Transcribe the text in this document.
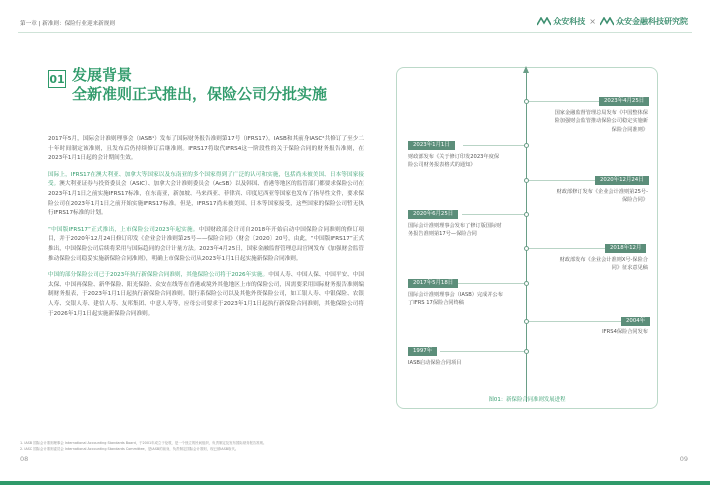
第一章 | 新准则：保险行业迎来新规则	众安科技 ×	众安金融科技研究院
01 发展背景
全新准则正式推出，保险公司分批实施

2017年5月，国际会计准则理事会（IASB¹）发布了国际财务报告准则第17号（IFRS17）。IASB和其前身IASC²共修订了至少二十年时间制定该准则，且发布后仍持续修订后继准则。IFRS17将取代IFRS4这一阶段性的关于保险合同的财务报告准则，在2023年1月1日起的会计期间生效。

国际上，IFRS17在澳大利亚、加拿大等国家以及东南亚的多个国家得到了广泛的认可和实施，包括尚未被美国、日本等国家接受。澳大利亚证券与投资委员会（ASIC）、加拿大会计准则委员会（AcSB）以及韩国、香港等地区的监管部门都要求保险公司在2023年1月1日之前实施IFRS17标准，在东南亚，新加坡、马来西亚、菲律宾、印度尼西亚等国家也发布了指导性文件，要求保险公司在2023年1月1日之前开始实施IFRS17标准。但是，IFRS17尚未被美国、日本等国家接受，这些国家的保险公司暂无执行IFRS17标准的计划。

“中国版IFRS17”正式推出，上市保险公司2023年起实施。中国财政部会计司自2018年开始启动中国保险合同准则的修订项目，并于2020年12月24日修订印发《企业会计准则第25号——保险合同》（财会〔2020〕20号，由此，“中国版IFRS17”正式推出，中国保险公司后续将采用与国际趋同的会计计量方法。2023年4月25日，国家金融监督管理总局官网发布《加强财会监管推动保险公司稳妥实施新保险合同准则》，明确上市保险公司从2023年1月1日起实施新保险合同准则。

中国的部分保险公司已于2023年执行新保险合同准则，其他保险公司将于2026年实施。中国人寿、中国人保、中国平安、中国太保、中国再保险、新华保险、阳光保险、众安在线等在香港或境外其他地区上市的保险公司，因需要采用国际财务报告准则编制财务报表，于2023年1月1日起执行新保险合同准则。银行系保险公司以及其他外资保险公司，如工银人寿、中银保险、农银人寿、交银人寿、建信人寿、友邦集团、中意人寿等，应母公司要求于2023年1月1日起执行新保险合同准则，其他保险公司将于2026年1月1日起实施新保险合同准则。

2023年4月25日
国家金融监督管理总局发布《中国整体保险加强财会监管推动保险公司稳定实施新保险合同准则》
2023年1月1日
财政部发布《关于修订印发2023年度保险公司财务报表格式的通知》
2020年12月24日
财政部修订发布《企业会计准则第25号-保险合同》
2020年6月25日
国际会计准则理事会发布了修订版国际财务报告准则第17号—保险合同
2018年12月
财政部发布《企业会计准则X号-保险合同》征求意见稿
2017年5月18日
国际会计准则理事会（IASB）完成并公布了IFRS 17保险合同终稿
2004年
IFRS4保险合同发布
1997年
IASB启动保险合同项目
图01：新保险合同准则发展进程
1. IASB 国际会计准则理事会 International Accounting Standards Board，于2001年成立于伦敦，是一个独立的民间组织，负责制定及发布国际财务报告准则。
2. IASC 国际会计准则委员会 International Accounting Standards Committee，是IASB的前身，负责制定国际会计准则，现已被IASB取代。
08	09
